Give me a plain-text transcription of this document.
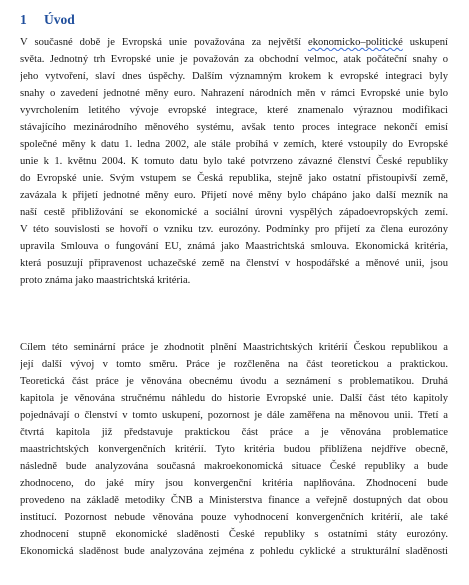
1 Úvod
V současné době je Evropská unie považována za největší ekonomicko–politické uskupení
světa. Jednotný trh Evropské unie je považován za obchodní velmoc, atak počáteční snahy o
jeho vytvoření, slaví dnes úspěchy. Dalším významným krokem k evropské integraci byly
snahy o zavedení jednotné měny euro. Nahrazení národních měn v rámci Evropské unie bylo
vyvrcholením letitého vývoje evropské integrace, které znamenalo výraznou modifikaci
stávajícího mezinárodního měnového systému, avšak tento proces integrace nekončí emisí
společné měny k datu 1. ledna 2002, ale stále probíhá v zemích, které vstoupily do Evropské
unie k 1. květnu 2004. K tomuto datu bylo také potvrzeno závazné členství České republiky
do Evropské unie. Svým vstupem se Česká republika, stejně jako ostatní přistoupivší země,
zavázala k přijetí jednotné měny euro. Přijetí nové měny bylo chápáno jako další mezník na
naší cestě přibližování se ekonomické a sociální úrovni vyspělých západoevropských zemí.
V této souvislosti se hovoří o vzniku tzv. eurozóny. Podmínky pro přijetí za člena eurozóny
upravila Smlouva o fungování EU, známá jako Maastrichtská smlouva. Ekonomická kritéria,
která posuzují připravenost uchazečské země na členství v hospodářské a měnové unii, jsou
proto známa jako maastrichtská kritéria.
Cílem této seminární práce je zhodnotit plnění Maastrichtských kritérií Českou republikou a
její další vývoj v tomto směru. Práce je rozčleněna na část teoretickou a praktickou.
Teoretická část práce je věnována obecnému úvodu a seznámení s problematikou. Druhá
kapitola je věnována stručnému náhledu do historie Evropské unie. Další část této kapitoly
pojednávají o členství v tomto uskupení, pozornost je dále zaměřena na měnovou unii. Třetí a
čtvrtá kapitola již představuje praktickou část práce a je věnována problematice
maastrichtských konvergenčních kritérií. Tyto kritéria budou přiblížena nejdříve obecně,
následně bude analyzována současná makroekonomická situace České republiky a bude
zhodnoceno, do jaké míry jsou konvergenční kritéria naplňována. Zhodnocení bude
provedeno na základě metodiky ČNB a Ministerstva finance a veřejně dostupných dat obou
institucí. Pozornost nebude věnována pouze vyhodnocení konvergenčních kritérií, ale také
zhodnocení stupně ekonomické sladěnosti České republiky s ostatními státy eurozóny.
Ekonomická sladěnost bude analyzována zejména z pohledu cyklické a strukturální sladěnosti
